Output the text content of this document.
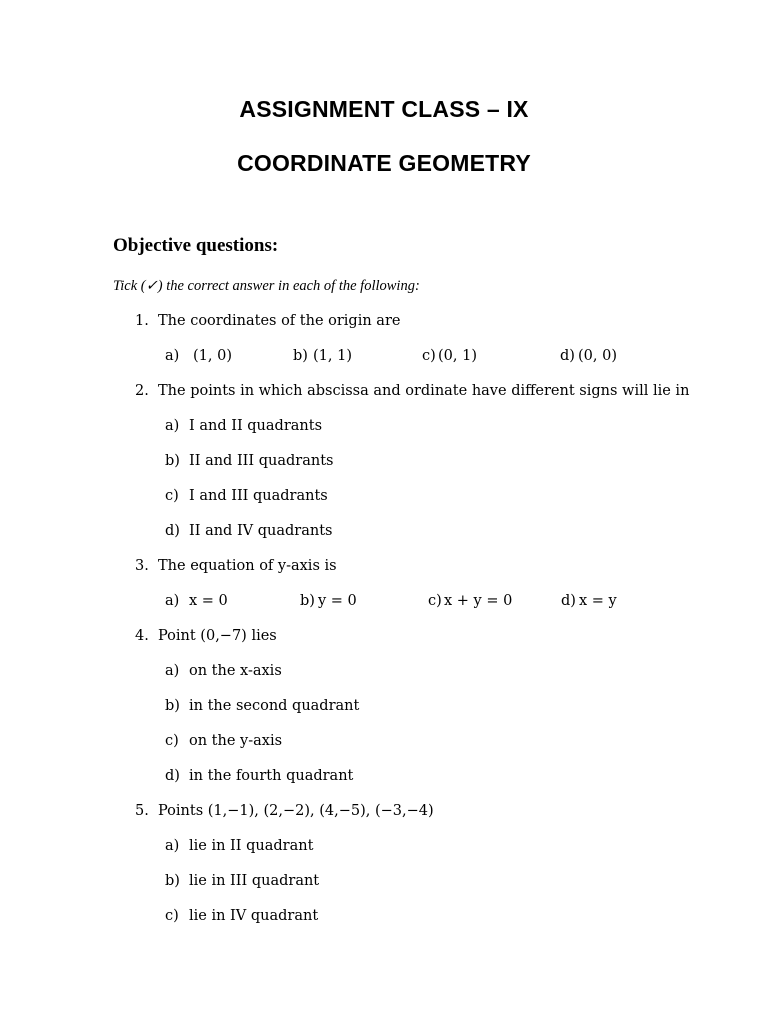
ASSIGNMENT CLASS – IX
COORDINATE GEOMETRY
Objective questions:

Tick (✓) the correct answer in each of the following:

1. The coordinates of the origin are
a) (1, 0)	b) (1, 1)	c) (0, 1)	d) (0, 0)
2. The points in which abscissa and ordinate have different signs will lie in
a) I and II quadrants
b) II and III quadrants
c) I and III quadrants
d) II and IV quadrants
3. The equation of y-axis is
a) x = 0	b) y = 0	c) x + y = 0	d) x = y
4. Point (0,−7) lies
a) on the x-axis
b) in the second quadrant
c) on the y-axis
d) in the fourth quadrant
5. Points (1,−1), (2,−2), (4,−5), (−3,−4)
a) lie in II quadrant
b) lie in III quadrant
c) lie in IV quadrant
